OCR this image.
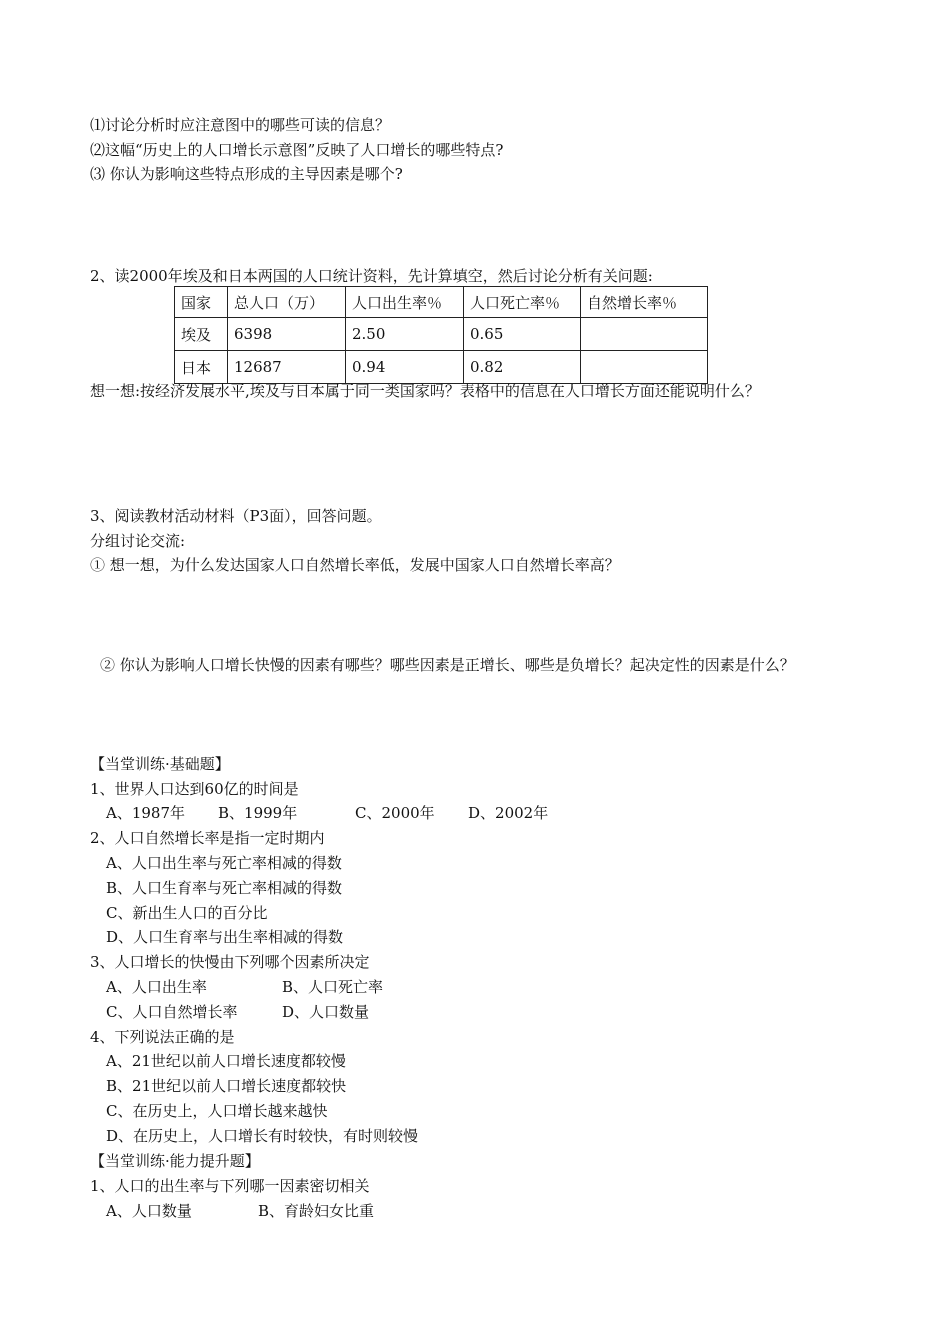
⑴讨论分析时应注意图中的哪些可读的信息？
⑵这幅“历史上的人口增长示意图”反映了人口增长的哪些特点?
⑶ 你认为影响这些特点形成的主导因素是哪个?
2、读2000年埃及和日本两国的人口统计资料，先计算填空，然后讨论分析有关问题:
国家	总人口（万）	人口出生率％	人口死亡率％	自然增长率％
埃及	6398	2.50	0.65	
日本	12687	0.94	0.82	
想一想:按经济发展水平,埃及与日本属于同一类国家吗？表格中的信息在人口增长方面还能说明什么？
3、阅读教材活动材料（P3面），回答问题。
分组讨论交流:
① 想一想，为什么发达国家人口自然增长率低，发展中国家人口自然增长率高？
② 你认为影响人口增长快慢的因素有哪些？哪些因素是正增长、哪些是负增长？起决定性的因素是什么？
【当堂训练·基础题】
1、世界人口达到60亿的时间是
A、1987年 B、1999年	C、2000年 D、2002年
2、人口自然增长率是指一定时期内
A、人口出生率与死亡率相减的得数
B、人口生育率与死亡率相减的得数
C、新出生人口的百分比
D、人口生育率与出生率相减的得数
3、人口增长的快慢由下列哪个因素所决定
A、人口出生率	B、人口死亡率
C、人口自然增长率	D、人口数量
4、下列说法正确的是
A、21世纪以前人口增长速度都较慢
B、21世纪以前人口增长速度都较快
C、在历史上，人口增长越来越快
D、在历史上，人口增长有时较快，有时则较慢
【当堂训练·能力提升题】
1、人口的出生率与下列哪一因素密切相关
A、人口数量	B、育龄妇女比重
